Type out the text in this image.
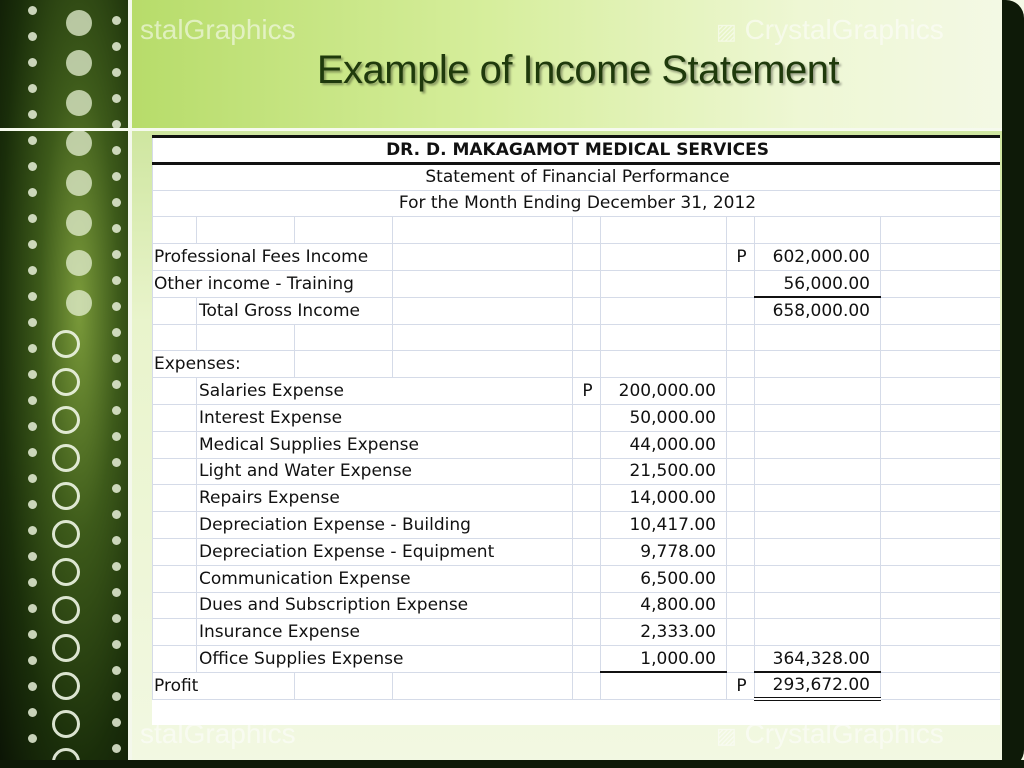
stalGraphics	▨ CrystalGraphics
Example of Income Statement
DR. D. MAKAGAMOT MEDICAL SERVICES								
Statement of Financial Performance								
For the Month Ending December 31, 2012								

Professional Fees Income						P	602,000.00	
Other income - Training							56,000.00	
	Total Gross Income						658,000.00	

Expenses:								
	Salaries Expense			P	200,000.00			
	Interest Expense				50,000.00			
	Medical Supplies Expense				44,000.00			
	Light and Water Expense				21,500.00			
	Repairs Expense				14,000.00			
	Depreciation Expense - Building				10,417.00			
	Depreciation Expense - Equipment				9,778.00			
	Communication Expense				6,500.00			
	Dues and Subscription Expense				4,800.00			
	Insurance Expense				2,333.00			
	Office Supplies Expense				1,000.00		364,328.00	
Profit						P	293,672.00	
stalGraphics	▨ CrystalGraphics
